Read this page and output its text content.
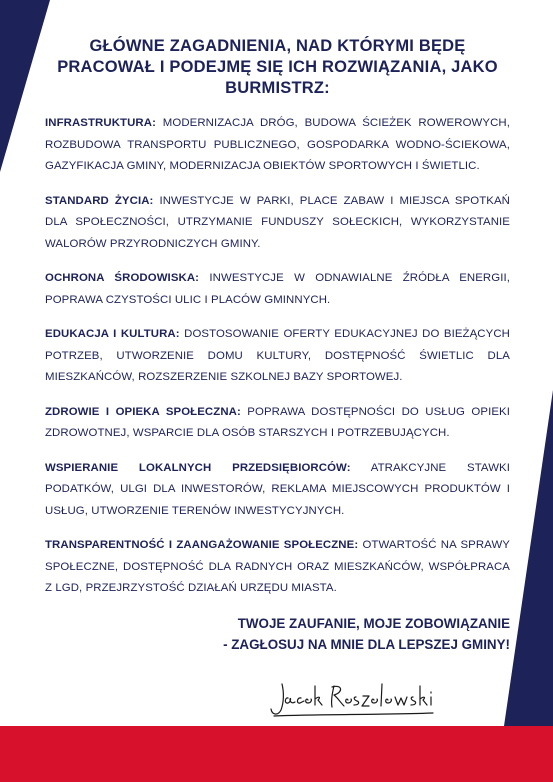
GŁÓWNE ZAGADNIENIA, NAD KTÓRYMI BĘDĘ PRACOWAŁ I PODEJMĘ SIĘ ICH ROZWIĄZANIA, JAKO BURMISTRZ:
INFRASTRUKTURA: MODERNIZACJA DRÓG, BUDOWA ŚCIEŻEK ROWEROWYCH, ROZBUDOWA TRANSPORTU PUBLICZNEGO, GOSPODARKA WODNO-ŚCIEKOWA, GAZYFIKACJA GMINY, MODERNIZACJA OBIEKTÓW SPORTOWYCH I ŚWIETLIC.
STANDARD ŻYCIA: INWESTYCJE W PARKI, PLACE ZABAW I MIEJSCA SPOTKAŃ DLA SPOŁECZNOŚCI, UTRZYMANIE FUNDUSZY SOŁECKICH, WYKORZYSTANIE WALORÓW PRZYRODNICZYCH GMINY.
OCHRONA ŚRODOWISKA: INWESTYCJE W ODNAWIALNE ŹRÓDŁA ENERGII, POPRAWA CZYSTOŚCI ULIC I PLACÓW GMINNYCH.
EDUKACJA I KULTURA: DOSTOSOWANIE OFERTY EDUKACYJNEJ DO BIEŻĄCYCH POTRZEB, UTWORZENIE DOMU KULTURY, DOSTĘPNOŚĆ ŚWIETLIC DLA MIESZKAŃCÓW, ROZSZERZENIE SZKOLNEJ BAZY SPORTOWEJ.
ZDROWIE I OPIEKA SPOŁECZNA: POPRAWA DOSTĘPNOŚCI DO USŁUG OPIEKI ZDROWOTNEJ, WSPARCIE DLA OSÓB STARSZYCH I POTRZEBUJĄCYCH.
WSPIERANIE LOKALNYCH PRZEDSIĘBIORCÓW: ATRAKCYJNE STAWKI PODATKÓW, ULGI DLA INWESTORÓW, REKLAMA MIEJSCOWYCH PRODUKTÓW I USŁUG, UTWORZENIE TERENÓW INWESTYCYJNYCH.
TRANSPARENTNOŚĆ I ZAANGAŻOWANIE SPOŁECZNE: OTWARTOŚĆ NA SPRAWY SPOŁECZNE, DOSTĘPNOŚĆ DLA RADNYCH ORAZ MIESZKAŃCÓW, WSPÓŁPRACA Z LGD, PRZEJRZYSTOŚĆ DZIAŁAŃ URZĘDU MIASTA.
TWOJE ZAUFANIE, MOJE ZOBOWIĄZANIE
- ZAGŁOSUJ NA MNIE DLA LEPSZEJ GMINY!
